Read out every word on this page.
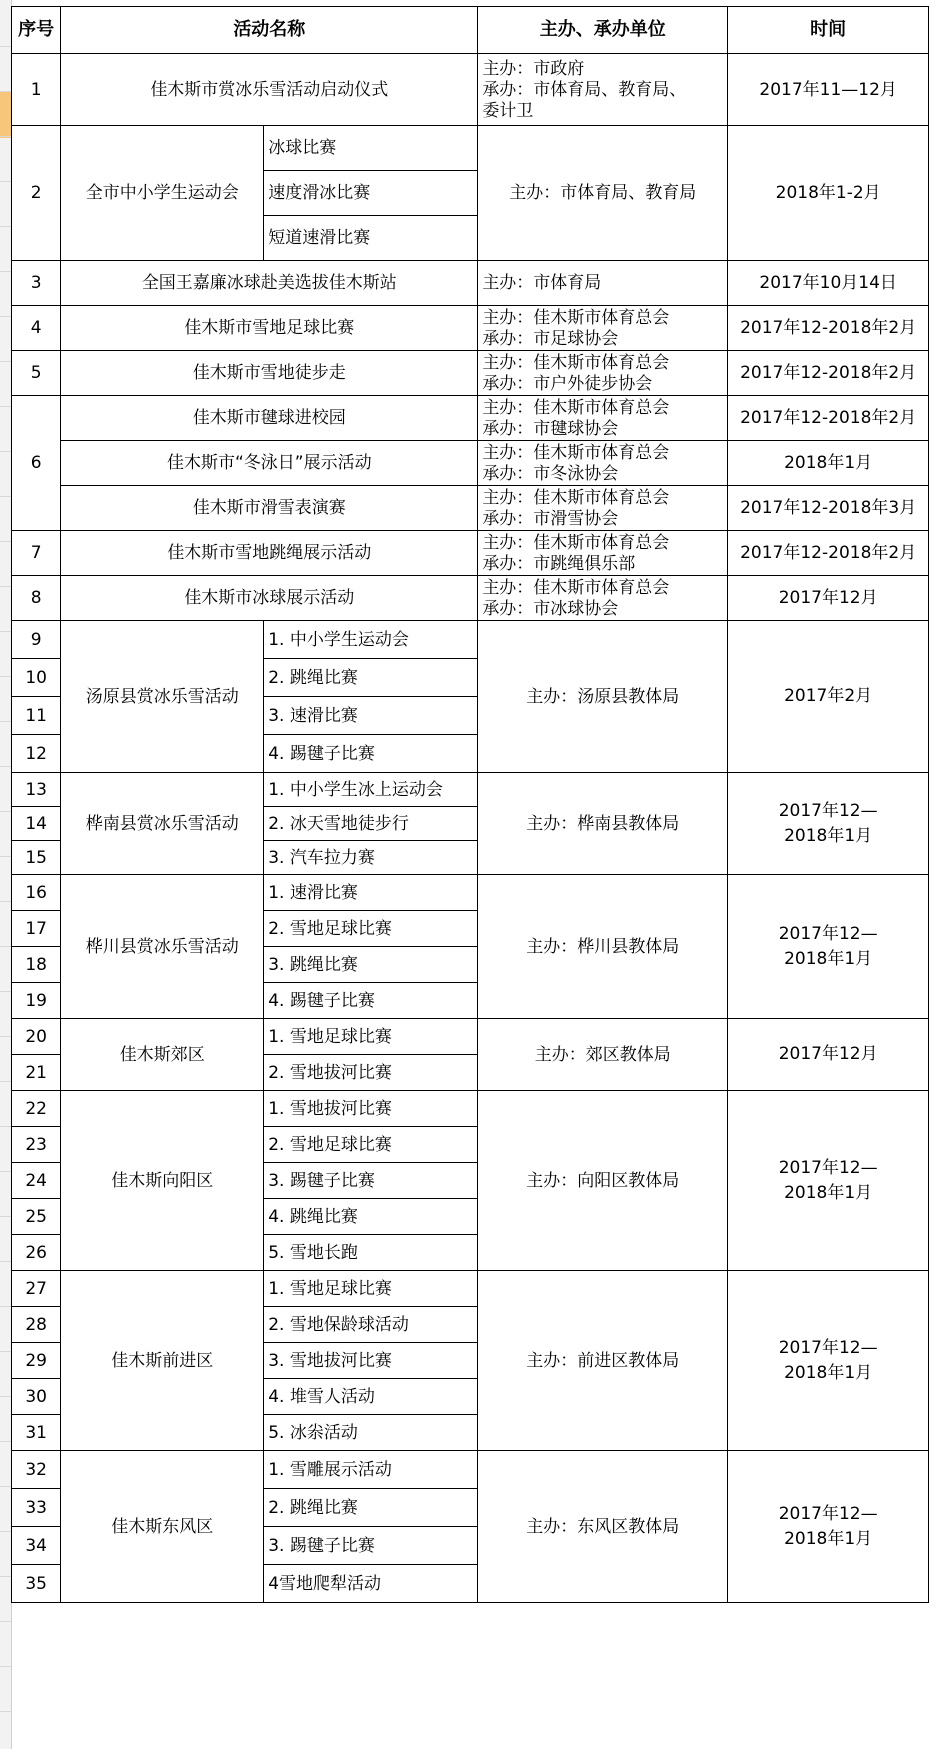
序号	活动名称		主办、承办单位	时间
1	佳木斯市赏冰乐雪活动启动仪式		主办：市政府
承办：市体育局、教育局、
委计卫	2017年11—12月
2	全市中小学生运动会	冰球比赛	主办：市体育局、教育局	2018年1-2月
		速度滑冰比赛		
		短道速滑比赛		
3	全国王嘉廉冰球赴美选拔佳木斯站		主办：市体育局	2017年10月14日
4	佳木斯市雪地足球比赛		主办：佳木斯市体育总会
承办：市足球协会	2017年12-2018年2月
5	佳木斯市雪地徒步走		主办：佳木斯市体育总会
承办：市户外徒步协会	2017年12-2018年2月
6	佳木斯市毽球进校园		主办：佳木斯市体育总会
承办：市毽球协会	2017年12-2018年2月
	佳木斯市“冬泳日”展示活动		主办：佳木斯市体育总会
承办：市冬泳协会	2018年1月
	佳木斯市滑雪表演赛		主办：佳木斯市体育总会
承办：市滑雪协会	2017年12-2018年3月
7	佳木斯市雪地跳绳展示活动		主办：佳木斯市体育总会
承办：市跳绳俱乐部	2017年12-2018年2月
8	佳木斯市冰球展示活动		主办：佳木斯市体育总会
承办：市冰球协会	2017年12月
9	汤原县赏冰乐雪活动	1. 中小学生运动会	主办：汤原县教体局	2017年2月

10		2. 跳绳比赛		
11		3. 速滑比赛		
12		4. 踢毽子比赛		
13	桦南县赏冰乐雪活动	1. 中小学生冰上运动会	主办：桦南县教体局	2017年12—
2018年1月

14		2. 冰天雪地徒步行		
15		3. 汽车拉力赛		
16	桦川县赏冰乐雪活动	1. 速滑比赛	主办：桦川县教体局	2017年12—
2018年1月

17		2. 雪地足球比赛		
18		3. 跳绳比赛		
19		4. 踢毽子比赛		
20	佳木斯郊区	1. 雪地足球比赛	主办：郊区教体局	2017年12月

21		2. 雪地拔河比赛		
22	佳木斯向阳区	1. 雪地拔河比赛	主办：向阳区教体局	2017年12—
2018年1月

23		2. 雪地足球比赛		
24		3. 踢毽子比赛		
25		4. 跳绳比赛		
26		5. 雪地长跑		
27	佳木斯前进区	1. 雪地足球比赛	主办：前进区教体局	2017年12—
2018年1月

28		2. 雪地保龄球活动		
29		3. 雪地拔河比赛		
30		4. 堆雪人活动		
31		5. 冰尜活动		
32	佳木斯东风区	1. 雪雕展示活动	主办：东风区教体局	2017年12—
2018年1月

33		2. 跳绳比赛		
34		3. 踢毽子比赛		
35		4雪地爬犁活动		
